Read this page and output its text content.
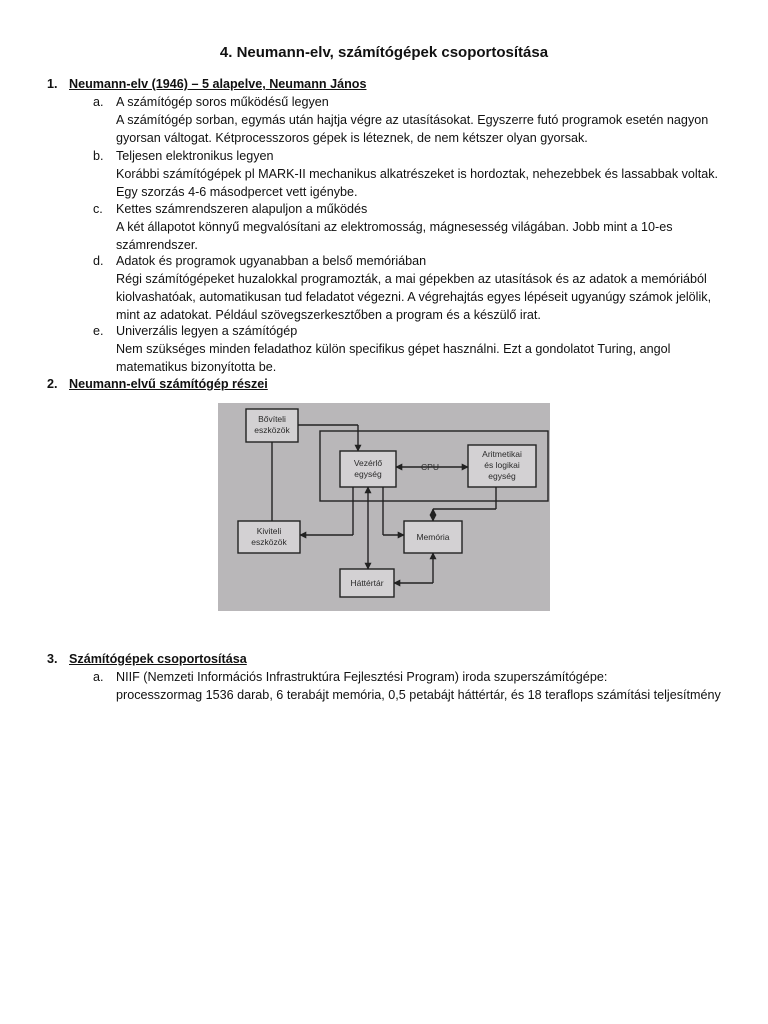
4. Neumann-elv, számítógépek csoportosítása
1. Neumann-elv (1946) – 5 alapelve, Neumann János
a. A számítógép soros működésű legyen
A számítógép sorban, egymás után hajtja végre az utasításokat. Egyszerre futó programok esetén nagyon gyorsan váltogat. Kétprocesszoros gépek is léteznek, de nem kétszer olyan gyorsak.
b. Teljesen elektronikus legyen
Korábbi számítógépek pl MARK-II mechanikus alkatrészeket is hordoztak, nehezebbek és lassabbak voltak. Egy szorzás 4-6 másodpercet vett igénybe.
c. Kettes számrendszeren alapuljon a működés
A két állapotot könnyű megvalósítani az elektromosság, mágnesesség világában. Jobb mint a 10-es számrendszer.
d. Adatok és programok ugyanabban a belső memóriában
Régi számítógépeket huzalokkal programozták, a mai gépekben az utasítások és az adatok a memóriából kiolvashatóak, automatikusan tud feladatot végezni. A végrehajtás egyes lépéseit ugyanúgy számok jelölik, mint az adatokat. Például szövegszerkesztőben a program és a készülő irat.
e. Univerzális legyen a számítógép
Nem szükséges minden feladathoz külön specifikus gépet használni. Ezt a gondolatot Turing, angol matematikus bizonyította be.
2. Neumann-elvű számítógép részei
Bővíteli
eszközök
Vezérlő
egység
CPU
Aritmetikai
és logikai
egység
Kiviteli
eszközök	Memória
Háttértár
3. Számítógépek csoportosítása
a. NIIF (Nemzeti Információs Infrastruktúra Fejlesztési Program) iroda szuperszámítógépe:
processzormag 1536 darab, 6 terabájt memória, 0,5 petabájt háttértár, és 18 teraflops számítási teljesítmény
